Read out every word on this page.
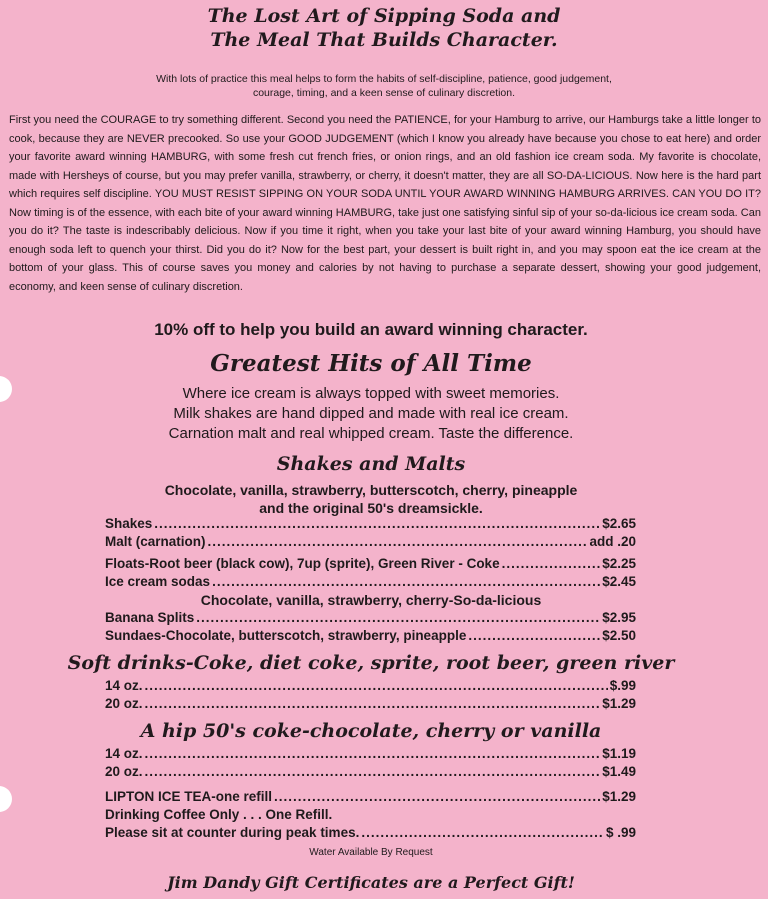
The Lost Art of Sipping Soda and
The Meal That Builds Character.
With lots of practice this meal helps to form the habits of self-discipline, patience, good judgement,
courage, timing, and a keen sense of culinary discretion.
First you need the COURAGE to try something different. Second you need the PATIENCE, for your Hamburg to arrive, our Hamburgs take a little longer to cook, because they are NEVER precooked. So use your GOOD JUDGEMENT (which I know you already have because you chose to eat here) and order your favorite award winning HAMBURG, with some fresh cut french fries, or onion rings, and an old fashion ice cream soda. My favorite is chocolate, made with Hersheys of course, but you may prefer vanilla, strawberry, or cherry, it doesn't matter, they are all SO-DA-LICIOUS. Now here is the hard part which requires self discipline. YOU MUST RESIST SIPPING ON YOUR SODA UNTIL YOUR AWARD WINNING HAMBURG ARRIVES. CAN YOU DO IT? Now timing is of the essence, with each bite of your award winning HAMBURG, take just one satisfying sinful sip of your so-da-licious ice cream soda. Can you do it? The taste is indescribably delicious. Now if you time it right, when you take your last bite of your award winning Hamburg, you should have enough soda left to quench your thirst. Did you do it? Now for the best part, your dessert is built right in, and you may spoon eat the ice cream at the bottom of your glass. This of course saves you money and calories by not having to purchase a separate dessert, showing your good judgement, economy, and keen sense of culinary discretion.
10% off to help you build an award winning character.
Greatest Hits of All Time
Where ice cream is always topped with sweet memories.
Milk shakes are hand dipped and made with real ice cream.
Carnation malt and real whipped cream. Taste the difference.
Shakes and Malts
Chocolate, vanilla, strawberry, butterscotch, cherry, pineapple
and the original 50's dreamsickle.
Shakes .....	$2.65
Malt (carnation) .....	add .20
Floats-Root beer (black cow), 7up (sprite), Green River - Coke .....	$2.25
Ice cream sodas .....	$2.45
Chocolate, vanilla, strawberry, cherry-So-da-licious
Banana Splits .....	$2.95
Sundaes-Chocolate, butterscotch, strawberry, pineapple .....	$2.50
Soft drinks-Coke, diet coke, sprite, root beer, green river
14 oz. .....	$.99
20 oz. .....	$1.29
A hip 50's coke-chocolate, cherry or vanilla
14 oz. .....	$1.19
20 oz. .....	$1.49
LIPTON ICE TEA-one refill .....	$1.29
Drinking Coffee Only . . . One Refill.
Please sit at counter during peak times. .....	$ .99
Water Available By Request
Jim Dandy Gift Certificates are a Perfect Gift!
